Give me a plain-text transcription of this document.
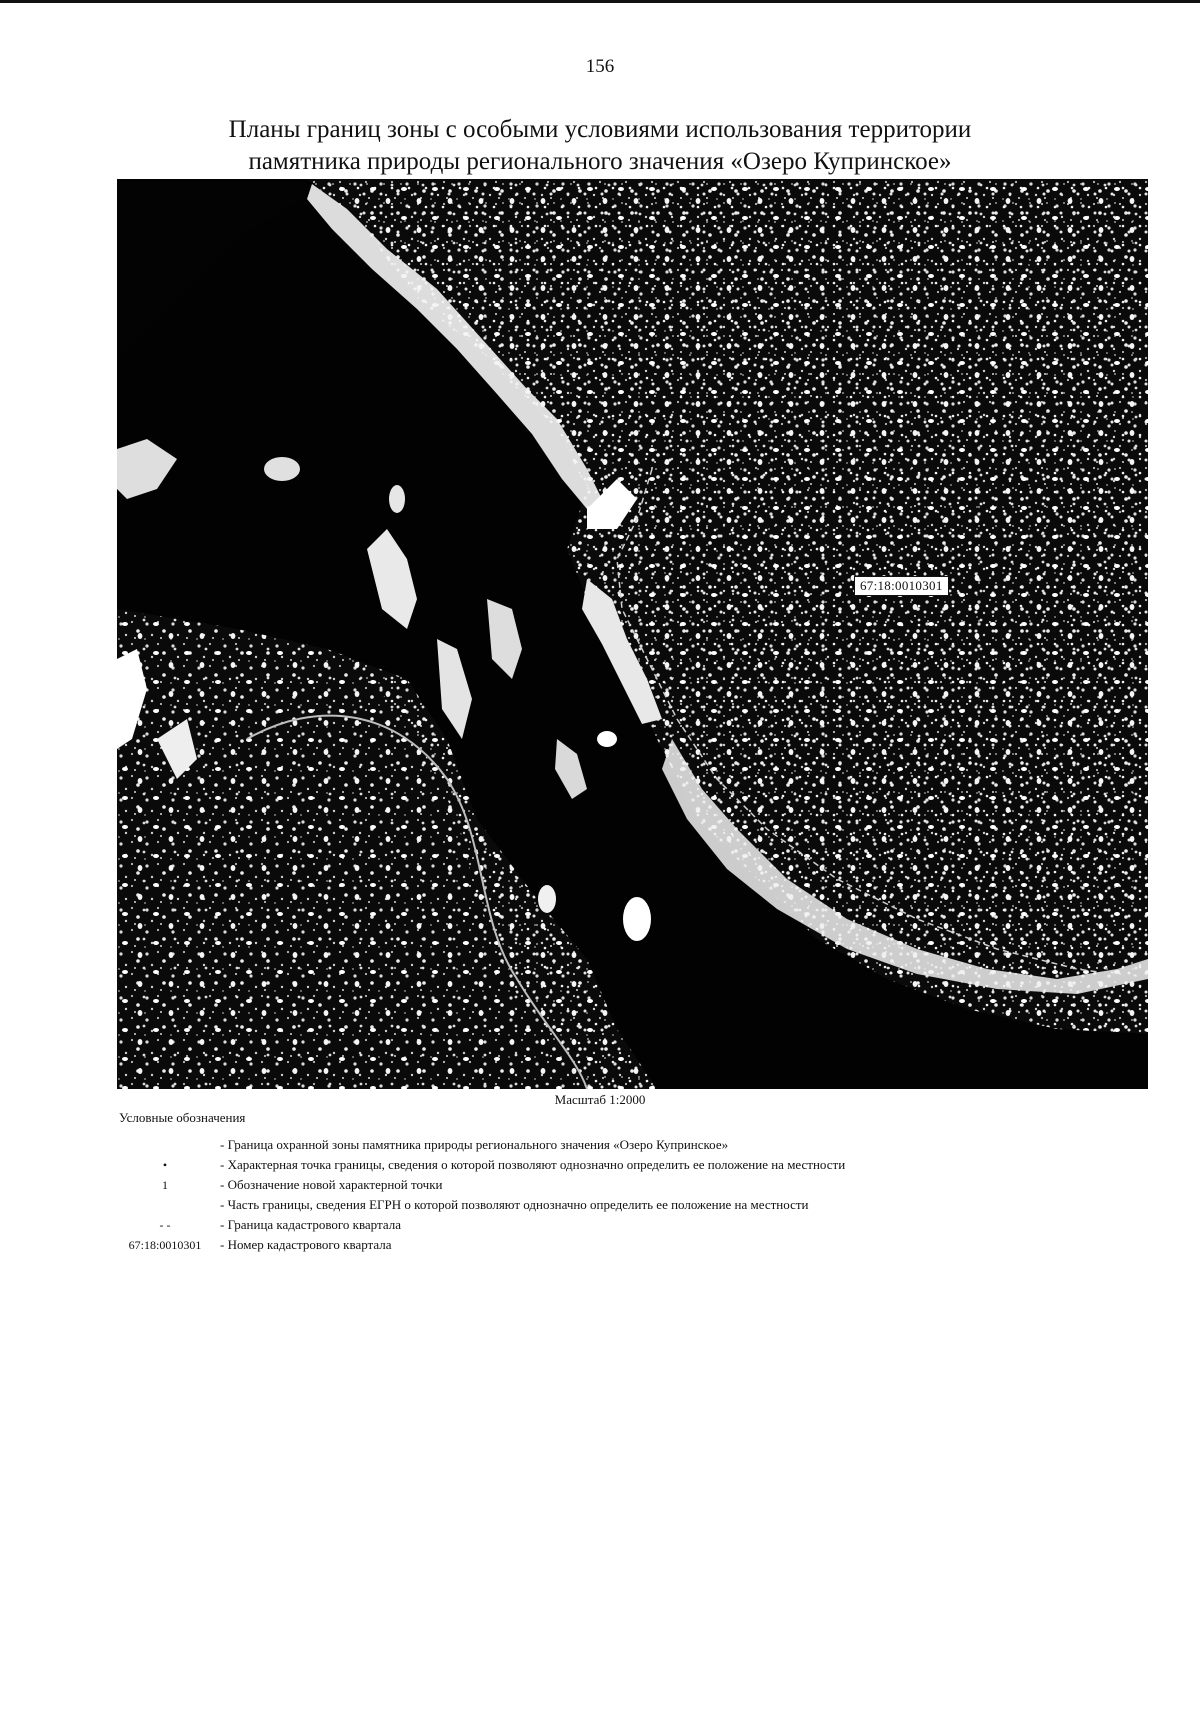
156
Планы границ зоны с особыми условиями использования территории
памятника природы регионального значения «Озеро Купринское»
67:18:0010301
Масштаб 1:2000
Условные обозначения
- Граница охранной зоны памятника природы регионального значения «Озеро Купринское»
•	- Характерная точка границы, сведения о которой позволяют однозначно определить ее положение на местности
1	- Обозначение новой характерной точки
- Часть границы, сведения ЕГРН о которой позволяют однозначно определить ее положение на местности
- -	- Граница кадастрового квартала
67:18:0010301	- Номер кадастрового квартала
